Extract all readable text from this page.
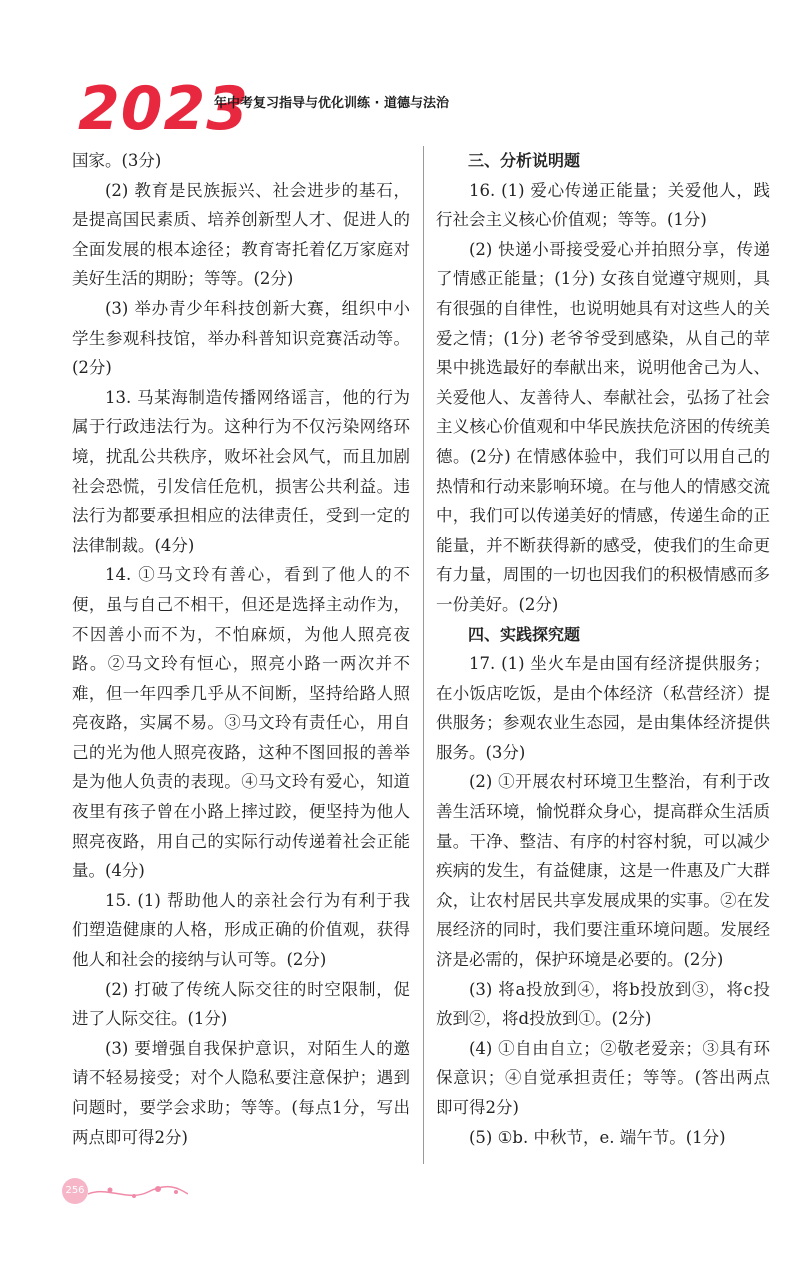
2023
年中考复习指导与优化训练 · 道德与法治

国家。(3分)

(2) 教育是民族振兴、社会进步的基石，是提高国民素质、培养创新型人才、促进人的全面发展的根本途径；教育寄托着亿万家庭对美好生活的期盼；等等。(2分)

(3) 举办青少年科技创新大赛，组织中小学生参观科技馆，举办科普知识竞赛活动等。(2分)

13. 马某海制造传播网络谣言，他的行为属于行政违法行为。这种行为不仅污染网络环境，扰乱公共秩序，败坏社会风气，而且加剧社会恐慌，引发信任危机，损害公共利益。违法行为都要承担相应的法律责任，受到一定的法律制裁。(4分)

14. ①马文玲有善心，看到了他人的不便，虽与自己不相干，但还是选择主动作为，不因善小而不为，不怕麻烦，为他人照亮夜路。②马文玲有恒心，照亮小路一两次并不难，但一年四季几乎从不间断，坚持给路人照亮夜路，实属不易。③马文玲有责任心，用自己的光为他人照亮夜路，这种不图回报的善举是为他人负责的表现。④马文玲有爱心，知道夜里有孩子曾在小路上摔过跤，便坚持为他人照亮夜路，用自己的实际行动传递着社会正能量。(4分)

15. (1) 帮助他人的亲社会行为有利于我们塑造健康的人格，形成正确的价值观，获得他人和社会的接纳与认可等。(2分)

(2) 打破了传统人际交往的时空限制，促进了人际交往。(1分)

(3) 要增强自我保护意识，对陌生人的邀请不轻易接受；对个人隐私要注意保护；遇到问题时，要学会求助；等等。(每点1分，写出两点即可得2分)

三、分析说明题

16. (1) 爱心传递正能量；关爱他人，践行社会主义核心价值观；等等。(1分)

(2) 快递小哥接受爱心并拍照分享，传递了情感正能量；(1分) 女孩自觉遵守规则，具有很强的自律性，也说明她具有对这些人的关爱之情；(1分) 老爷爷受到感染，从自己的苹果中挑选最好的奉献出来，说明他舍己为人、关爱他人、友善待人、奉献社会，弘扬了社会主义核心价值观和中华民族扶危济困的传统美德。(2分) 在情感体验中，我们可以用自己的热情和行动来影响环境。在与他人的情感交流中，我们可以传递美好的情感，传递生命的正能量，并不断获得新的感受，使我们的生命更有力量，周围的一切也因我们的积极情感而多一份美好。(2分)

四、实践探究题

17. (1) 坐火车是由国有经济提供服务；在小饭店吃饭，是由个体经济（私营经济）提供服务；参观农业生态园，是由集体经济提供服务。(3分)

(2) ①开展农村环境卫生整治，有利于改善生活环境，愉悦群众身心，提高群众生活质量。干净、整洁、有序的村容村貌，可以减少疾病的发生，有益健康，这是一件惠及广大群众，让农村居民共享发展成果的实事。②在发展经济的同时，我们要注重环境问题。发展经济是必需的，保护环境是必要的。(2分)

(3) 将a投放到④，将b投放到③，将c投放到②，将d投放到①。(2分)

(4) ①自由自立；②敬老爱亲；③具有环保意识；④自觉承担责任；等等。(答出两点即可得2分)

(5) ①b. 中秋节，e. 端午节。(1分)

256
